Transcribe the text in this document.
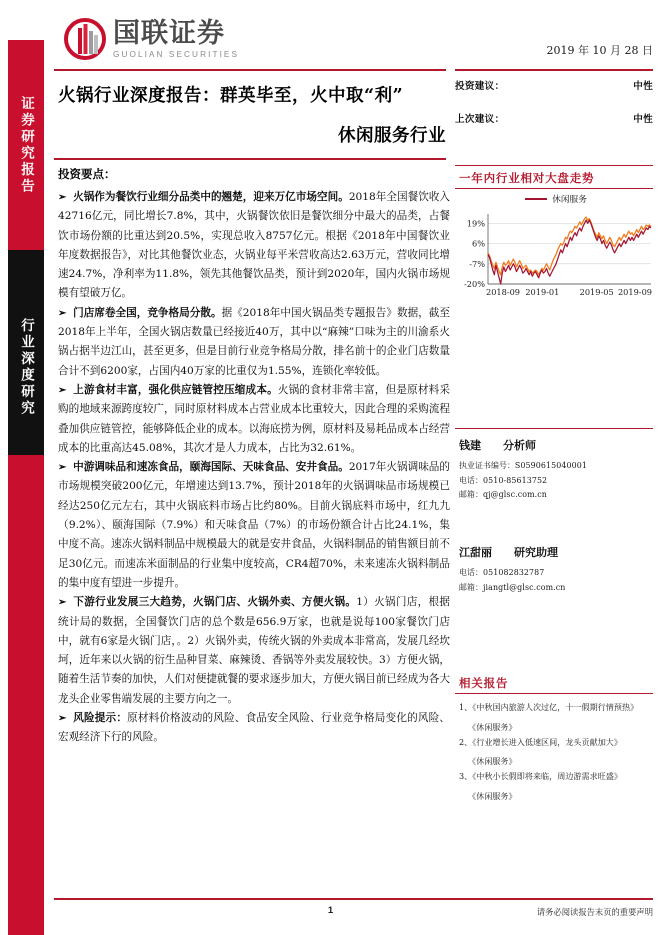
证券研究报告
行业深度研究
国联证券
GUOLIAN SECURITIES	2019 年 10 月 28 日
火锅行业深度报告：群英毕至，火中取“利”
休闲服务行业
投资要点：
➢ 火锅作为餐饮行业细分品类中的翘楚，迎来万亿市场空间。2018年全国餐饮收入42716亿元，同比增长7.8%，其中，火锅餐饮依旧是餐饮细分中最大的品类，占餐饮市场份额的比重达到20.5%，实现总收入8757亿元。根据《2018年中国餐饮业年度数据报告》，对比其他餐饮业态，火锅业每平米营收高达2.63万元，营收同比增速24.7%，净利率为11.8%，领先其他餐饮品类，预计到2020年，国内火锅市场规模有望破万亿。
➢ 门店席卷全国，竞争格局分散。据《2018年中国火锅品类专题报告》数据，截至2018年上半年，全国火锅店数量已经接近40万，其中以“麻辣”口味为主的川渝系火锅占据半边江山，甚至更多，但是目前行业竞争格局分散，排名前十的企业门店数量合计不到6200家，占国内40万家的比重仅为1.55%，连锁化率较低。
➢ 上游食材丰富，强化供应链管控压缩成本。火锅的食材非常丰富，但是原材料采购的地域来源跨度较广，同时原材料成本占营业成本比重较大，因此合理的采购流程叠加供应链管控，能够降低企业的成本。以海底捞为例，原材料及易耗品成本占经营成本的比重高达45.08%，其次才是人力成本，占比为32.61%。
➢ 中游调味品和速冻食品，颐海国际、天味食品、安井食品。2017年火锅调味品的市场规模突破200亿元，年增速达到13.7%，预计2018年的火锅调味品市场规模已经达250亿元左右，其中火锅底料市场占比约80%。目前火锅底料市场中，红九九（9.2%）、颐海国际（7.9%）和天味食品（7%）的市场份额合计占比24.1%，集中度不高。速冻火锅料制品中规模最大的就是安井食品，火锅料制品的销售额目前不足30亿元。而速冻米面制品的行业集中度较高，CR4超70%，未来速冻火锅料制品的集中度有望进一步提升。
➢ 下游行业发展三大趋势，火锅门店、火锅外卖、方便火锅。1）火锅门店，根据统计局的数据，全国餐饮门店的总个数是656.9万家，也就是说每100家餐饮门店中，就有6家是火锅门店，。2）火锅外卖，传统火锅的外卖成本非常高，发展几经坎坷，近年来以火锅的衍生品种冒菜、麻辣烫、香锅等外卖发展较快。3）方便火锅，随着生活节奏的加快，人们对便捷就餐的要求逐步加大，方便火锅目前已经成为各大龙头企业零售端发展的主要方向之一。
➢ 风险提示：原材料价格波动的风险、食品安全风险、行业竞争格局变化的风险、宏观经济下行的风险。
投资建议：	中性
上次建议：	中性
一年内行业相对大盘走势
休闲服务
19%
6%
-7%
-20%
2018-09 2019-01 2019-05 2019-09
钱建 分析师
执业证书编号：S0590615040001
电话：0510-85613752
邮箱：qj@glsc.com.cn
江甜丽 研究助理
电话：051082832787
邮箱：jiangtl@glsc.com.cn
相关报告
1、《中秋国内旅游人次过亿，十一假期行情预热》
《休闲服务》
2、《行业增长进入低速区间，龙头贡献加大》
《休闲服务》
3、《中秋小长假即将来临，周边游需求旺盛》
《休闲服务》
1	请务必阅读报告末页的重要声明
